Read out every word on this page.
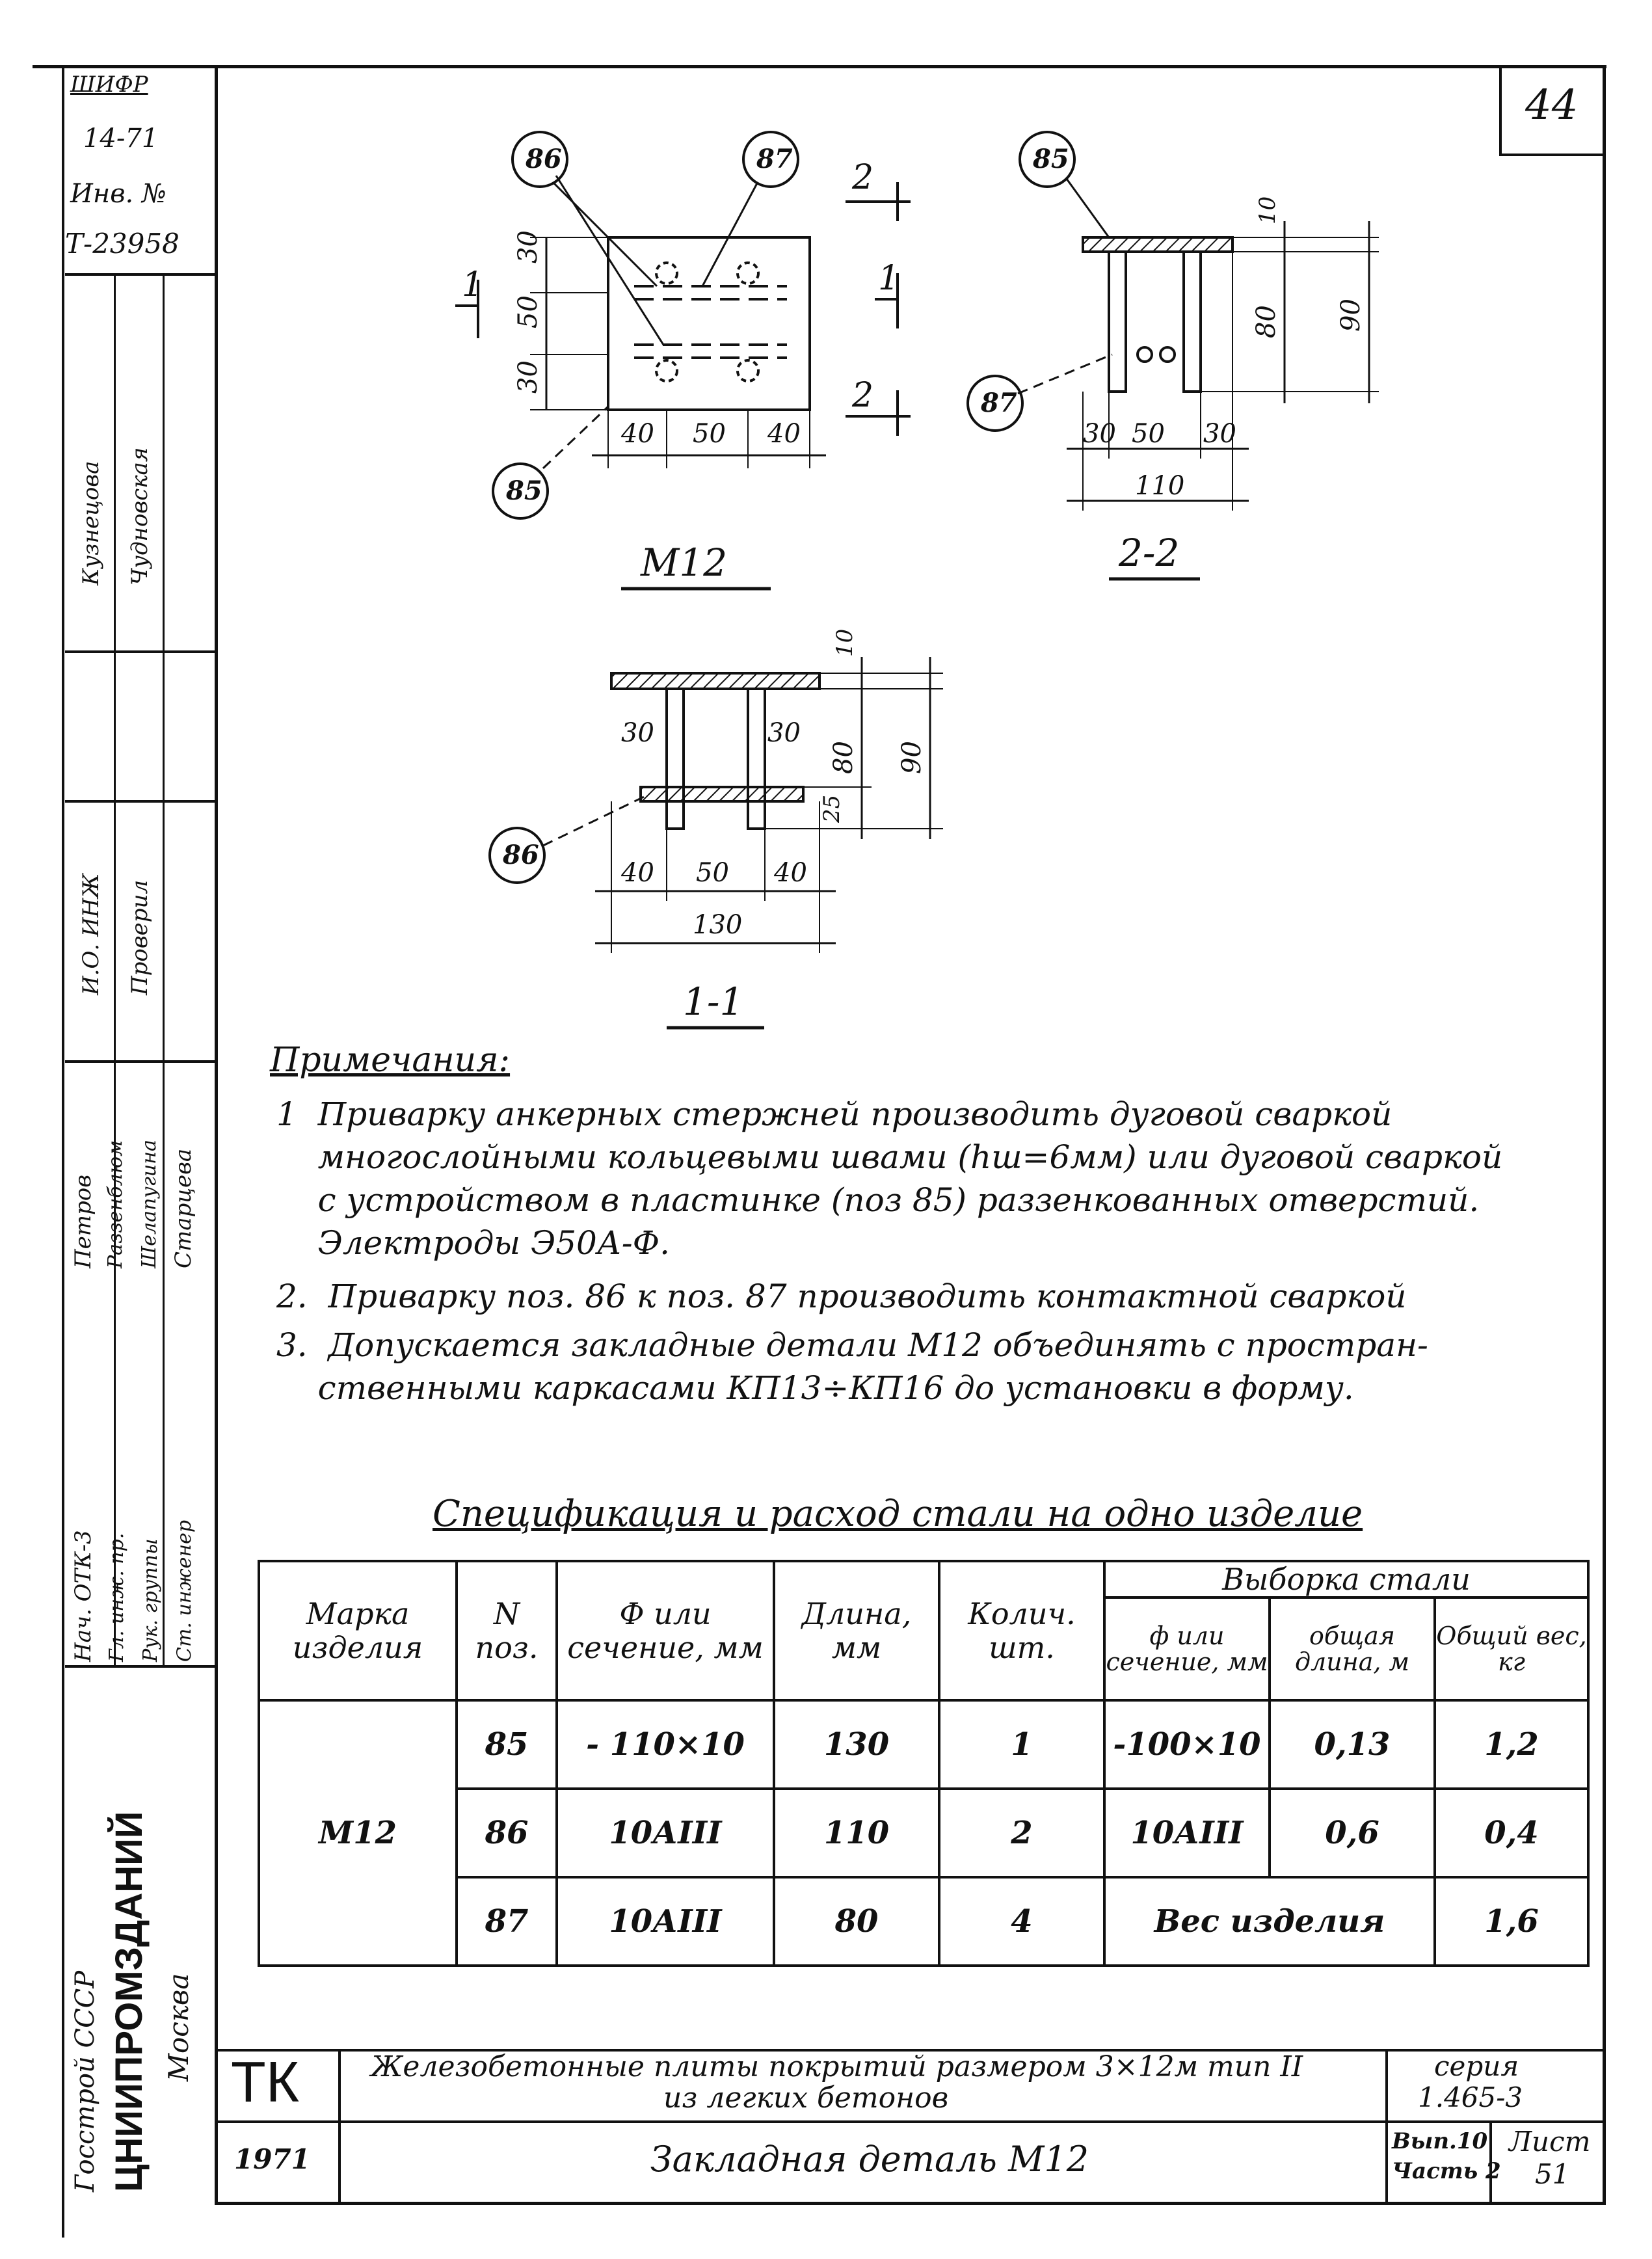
44
ШИФР
14-71
Инв. №
Т-23958
Кузнецова Чудновская
И.О. ИНЖ Проверил
Петров Раззенблюм Шелапугина Старцева
Нач. ОТК-3 Гл. инж. пр. Рук. группы Ст. инженер
Госстрой СССР ЦНИИПРОМЗДАНИЙ Москва
86	87
85
1	1
2
2
30
50
30
40 50 40
М12
85
87
10
80 90
30 50 30
110
2-2
86
10
80 90
25
30	30
40 50 40
130
1-1
Примечания:
1  Приварку анкерных стержней производить дуговой сваркой
многослойными кольцевыми швами (hш=6мм) или дуговой сваркой
с устройством в пластинке (поз 85) раззенкованных отверстий.
Электроды Э50А-Ф.
2.  Приварку поз. 86 к поз. 87 производить контактной сваркой
3.  Допускается закладные детали М12 объединять с простран-
ственными каркасами КП13÷КП16 до установки в форму.
Спецификация и расход стали на одно изделие
Марка изделия	N поз.	Ф или сечение, мм	Длина, мм	Колич. шт.	Выборка стали		
					ф или сечение, мм	общая длина, м	Общий вес, кг
М12	85	- 110×10	130	1	-100×10	0,13	1,2
	86	10АIII	110	2	10АIII	0,6	0,4
	87	10АIII	80	4	Вес изделия		1,6
ТК
1971
Железобетонные плиты покрытий размером 3×12м тип II
из легких бетонов
Закладная деталь М12
серия
1.465-3
Вып.10
Часть 2
Лист
51
